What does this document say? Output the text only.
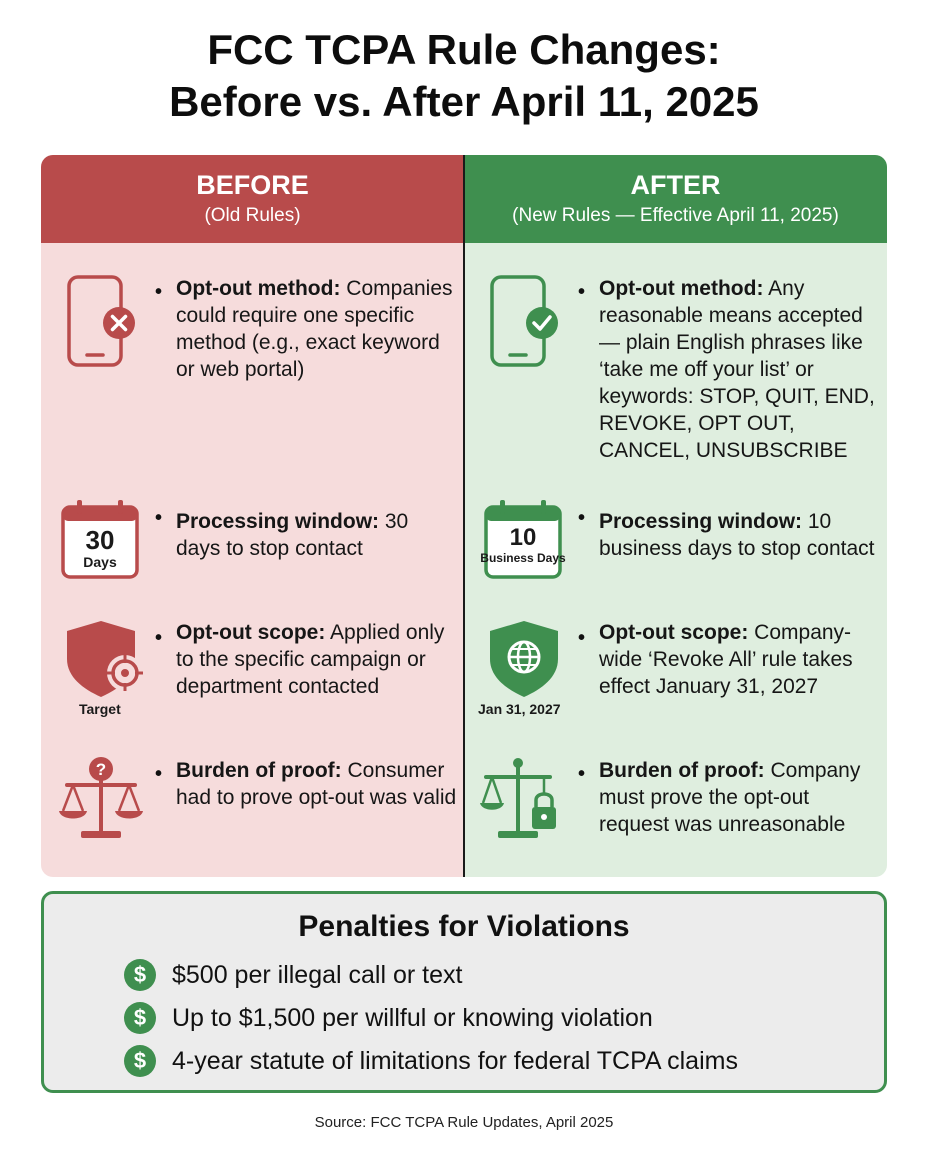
FCC TCPA Rule Changes:
Before vs. After April 11, 2025
BEFORE
(Old Rules)
• Opt-out method: Companies could require one specific method (e.g., exact keyword or web portal)
30
Days
• Processing window: 30 days to stop contact
Target
• Opt-out scope: Applied only to the specific campaign or department contacted
? • Burden of proof: Consumer had to prove opt-out was valid
AFTER
(New Rules — Effective April 11, 2025)
• Opt-out method: Any reasonable means accepted — plain English phrases like ‘take me off your list’ or keywords: STOP, QUIT, END, REVOKE, OPT OUT, CANCEL, UNSUBSCRIBE
10
Business Days
• Processing window: 10 business days to stop contact
Jan 31, 2027
• Opt-out scope: Company-wide ‘Revoke All’ rule takes effect January 31, 2027
• Burden of proof: Company must prove the opt-out request was unreasonable
Penalties for Violations
$	$500 per illegal call or text
$	Up to $1,500 per willful or knowing violation
$	4-year statute of limitations for federal TCPA claims
Source: FCC TCPA Rule Updates, April 2025
